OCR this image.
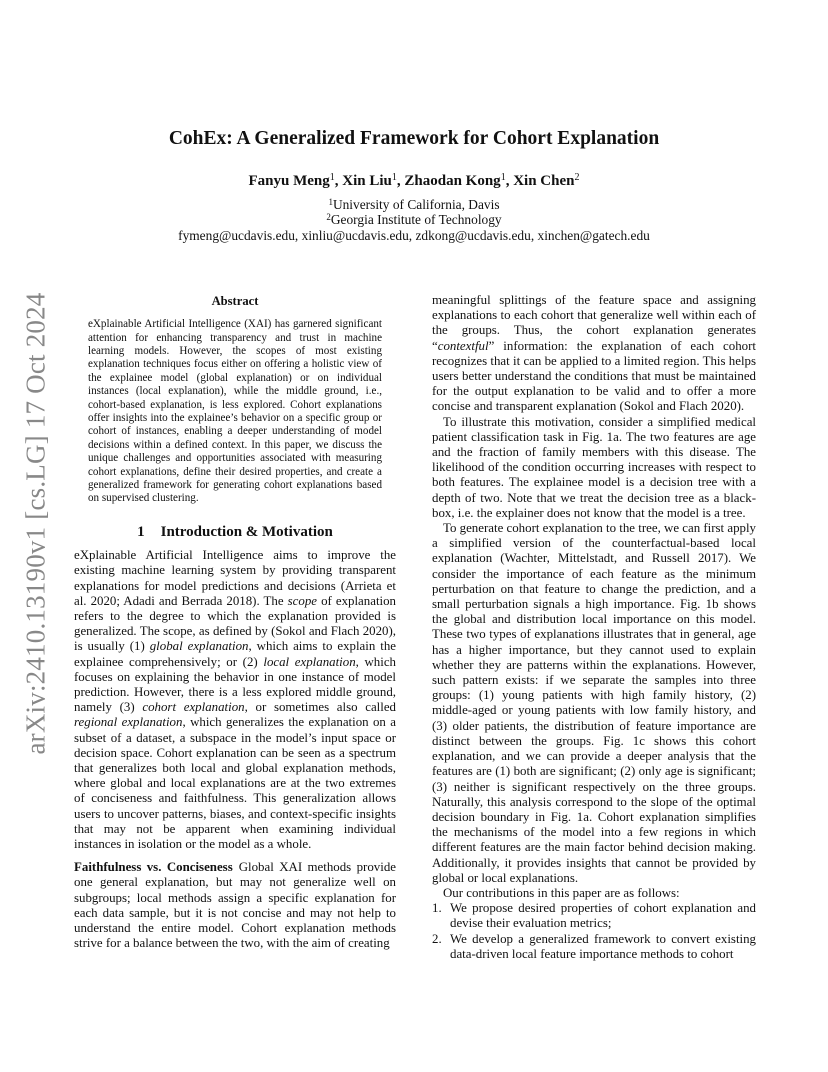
arXiv:2410.13190v1 [cs.LG] 17 Oct 2024
CohEx: A Generalized Framework for Cohort Explanation
Fanyu Meng$^1$, Xin Liu$^1$, Zhaodan Kong$^1$, Xin Chen$^2$
$^1$University of California, Davis
$^2$Georgia Institute of Technology
fymeng@ucdavis.edu, xinliu@ucdavis.edu, zdkong@ucdavis.edu, xinchen@gatech.edu
Abstract
eXplainable Artificial Intelligence (XAI) has garnered significant attention for enhancing transparency and trust in machine learning models. However, the scopes of most existing explanation techniques focus either on offering a holistic view of the explainee model (global explanation) or on individual instances (local explanation), while the middle ground, i.e., cohort-based explanation, is less explored. Cohort explanations offer insights into the explainee’s behavior on a specific group or cohort of instances, enabling a deeper understanding of model decisions within a defined context. In this paper, we discuss the unique challenges and opportunities associated with measuring cohort explanations, define their desired properties, and create a generalized framework for generating cohort explanations based on supervised clustering.
1 Introduction & Motivation

eXplainable Artificial Intelligence aims to improve the existing machine learning system by providing transparent explanations for model predictions and decisions (Arrieta et al. 2020; Adadi and Berrada 2018). The scope of explanation refers to the degree to which the explanation provided is generalized. The scope, as defined by (Sokol and Flach 2020), is usually (1) global explanation, which aims to explain the explainee comprehensively; or (2) local explanation, which focuses on explaining the behavior in one instance of model prediction. However, there is a less explored middle ground, namely (3) cohort explanation, or sometimes also called regional explanation, which generalizes the explanation on a subset of a dataset, a subspace in the model’s input space or decision space. Cohort explanation can be seen as a spectrum that generalizes both local and global explanation methods, where global and local explanations are at the two extremes of conciseness and faithfulness. This generalization allows users to uncover patterns, biases, and context-specific insights that may not be apparent when examining individual instances in isolation or the model as a whole.

Faithfulness vs. Conciseness Global XAI methods provide one general explanation, but may not generalize well on subgroups; local methods assign a specific explanation for each data sample, but it is not concise and may not help to understand the entire model. Cohort explanation methods strive for a balance between the two, with the aim of creating

meaningful splittings of the feature space and assigning explanations to each cohort that generalize well within each of the groups. Thus, the cohort explanation generates “contextful” information: the explanation of each cohort recognizes that it can be applied to a limited region. This helps users better understand the conditions that must be maintained for the output explanation to be valid and to offer a more concise and transparent explanation (Sokol and Flach 2020).

To illustrate this motivation, consider a simplified medical patient classification task in Fig. 1a. The two features are age and the fraction of family members with this disease. The likelihood of the condition occurring increases with respect to both features. The explainee model is a decision tree with a depth of two. Note that we treat the decision tree as a black-box, i.e. the explainer does not know that the model is a tree.

To generate cohort explanation to the tree, we can first apply a simplified version of the counterfactual-based local explanation (Wachter, Mittelstadt, and Russell 2017). We consider the importance of each feature as the minimum perturbation on that feature to change the prediction, and a small perturbation signals a high importance. Fig. 1b shows the global and distribution local importance on this model. These two types of explanations illustrates that in general, age has a higher importance, but they cannot used to explain whether they are patterns within the explanations. However, such pattern exists: if we separate the samples into three groups: (1) young patients with high family history, (2) middle-aged or young patients with low family history, and (3) older patients, the distribution of feature importance are distinct between the groups. Fig. 1c shows this cohort explanation, and we can provide a deeper analysis that the features are (1) both are significant; (2) only age is significant; (3) neither is significant respectively on the three groups. Naturally, this analysis correspond to the slope of the optimal decision boundary in Fig. 1a. Cohort explanation simplifies the mechanisms of the model into a few regions in which different features are the main factor behind decision making. Additionally, it provides insights that cannot be provided by global or local explanations.

Our contributions in this paper are as follows:

1. We propose desired properties of cohort explanation and devise their evaluation metrics;
2. We develop a generalized framework to convert existing data-driven local feature importance methods to cohort
